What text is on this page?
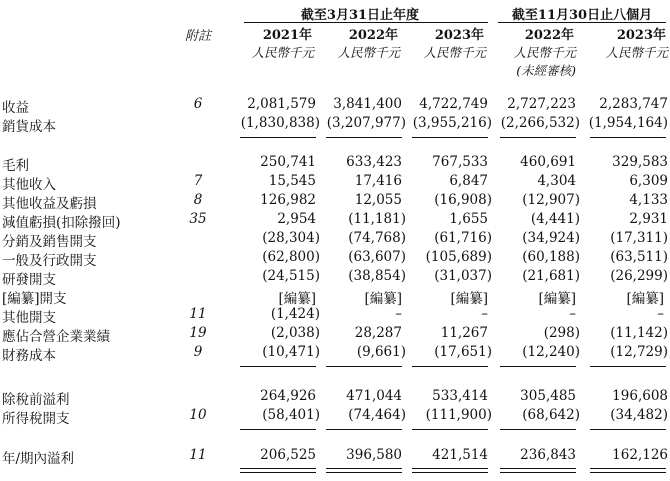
截至3月31日止年度	截至11月30日止八個月
附註	2021年	2022年	2023年	2022年	2023年
人民幣千元	人民幣千元	人民幣千元	人民幣千元	人民幣千元
(未經審核)
收益	6	2,081,579	3,841,400	4,722,749	2,727,223	2,283,747
銷貨成本	(1,830,838) (3,207,977) (3,955,216) (2,266,532) (1,954,164)
毛利	250,741	633,423	767,533	460,691	329,583
其他收入	7	15,545	17,416	6,847	4,304	6,309
其他收益及虧損	8	126,982	12,055	(16,908)	(12,907)	4,133
減值虧損(扣除撥回)	35	2,954	(11,181)	1,655	(4,441)	2,931
分銷及銷售開支	(28,304)	(74,768)	(61,716)	(34,924)	(17,311)
一般及行政開支	(62,800)	(63,607)	(105,689)	(60,188)	(63,511)
研發開支	(24,515)	(38,854)	(31,037)	(21,681)	(26,299)
[編纂]開支	[編纂]	[編纂]	[編纂]	[編纂]	[編纂]
其他開支	11	(1,424)	–	–	–	–
應佔合營企業業績	19	(2,038)	28,287	11,267	(298)	(11,142)
財務成本	9	(10,471)	(9,661)	(17,651)	(12,240)	(12,729)
除稅前溢利	264,926	471,044	533,414	305,485	196,608
所得稅開支	10	(58,401)	(74,464)	(111,900)	(68,642)	(34,482)
年/期內溢利	11	206,525	396,580	421,514	236,843	162,126
